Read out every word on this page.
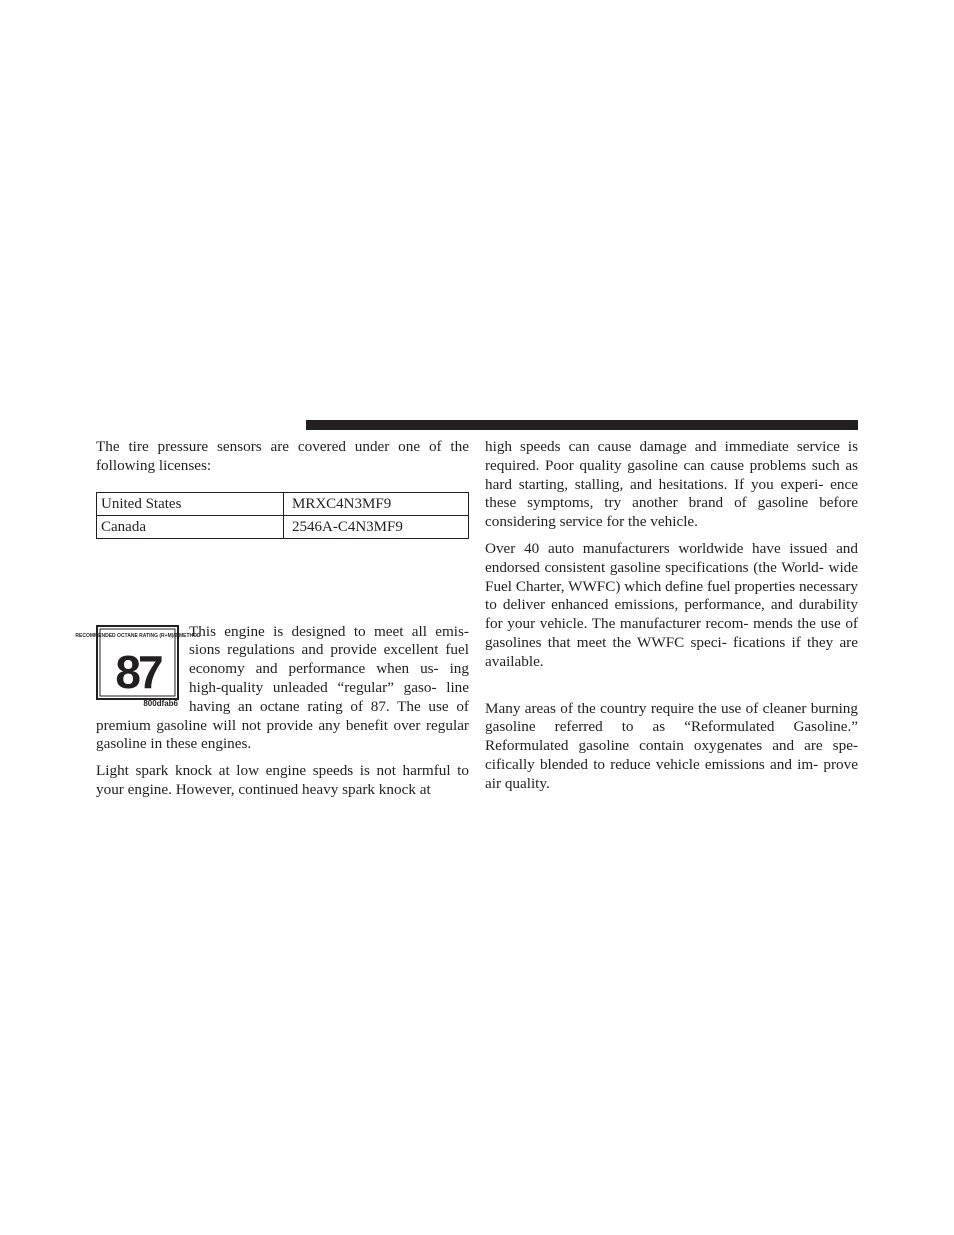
The tire pressure sensors are covered under one of the following licenses:

United States	MRXC4N3MF9
Canada	2546A-C4N3MF9
RECOMMENDED OCTANE RATING (R+M)/2 METHOD
87
800dfab6

This engine is designed to meet all emis- sions regulations and provide excellent fuel economy and performance when us- ing high-quality unleaded “regular” gaso- line having an octane rating of 87. The use of premium gasoline will not provide any benefit over regular gasoline in these engines.

Light spark knock at low engine speeds is not harmful to your engine. However, continued heavy spark knock at

high speeds can cause damage and immediate service is required. Poor quality gasoline can cause problems such as hard starting, stalling, and hesitations. If you experi- ence these symptoms, try another brand of gasoline before considering service for the vehicle.

Over 40 auto manufacturers worldwide have issued and endorsed consistent gasoline specifications (the World- wide Fuel Charter, WWFC) which define fuel properties necessary to deliver enhanced emissions, performance, and durability for your vehicle. The manufacturer recom- mends the use of gasolines that meet the WWFC speci- fications if they are available.

Many areas of the country require the use of cleaner burning gasoline referred to as “Reformulated Gasoline.” Reformulated gasoline contain oxygenates and are spe- cifically blended to reduce vehicle emissions and im- prove air quality.
